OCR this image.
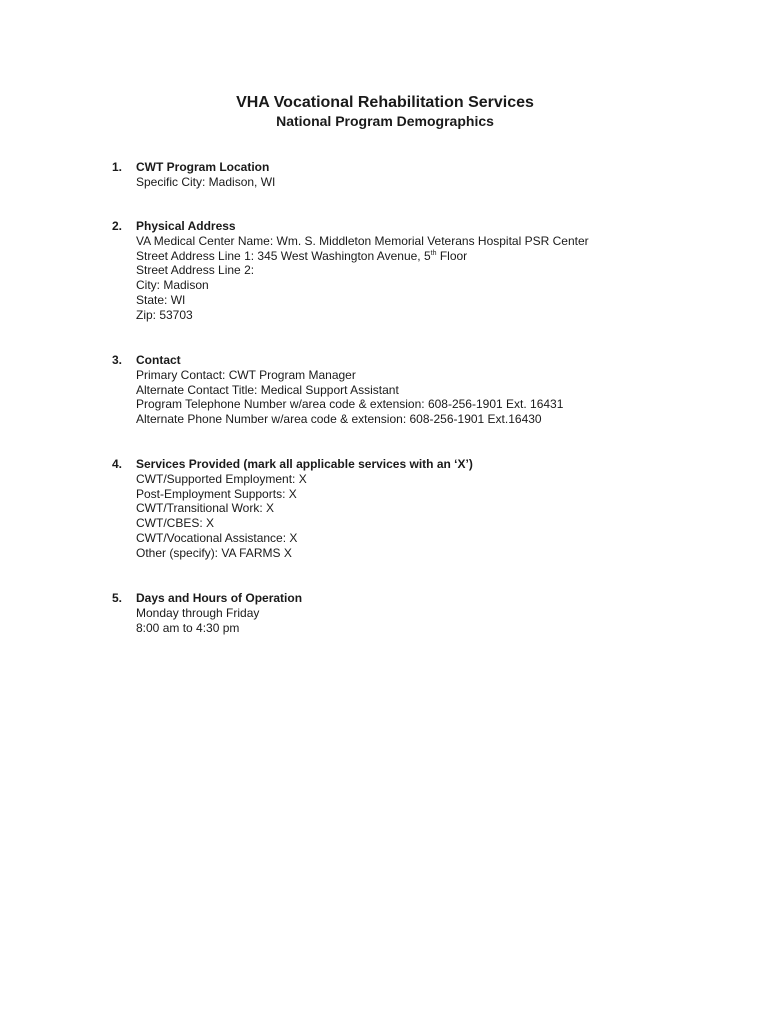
VHA Vocational Rehabilitation Services
National Program Demographics
1.	CWT Program Location
Specific City: Madison, WI
2.	Physical Address
VA Medical Center Name: Wm. S. Middleton Memorial Veterans Hospital PSR Center
Street Address Line 1: 345 West Washington Avenue, 5th Floor
Street Address Line 2:
City: Madison
State: WI
Zip: 53703
3.	Contact
Primary Contact: CWT Program Manager
Alternate Contact Title: Medical Support Assistant
Program Telephone Number w/area code & extension: 608-256-1901 Ext. 16431
Alternate Phone Number w/area code & extension: 608-256-1901 Ext.16430
4.	Services Provided (mark all applicable services with an ‘X’)
CWT/Supported Employment: X
Post-Employment Supports: X
CWT/Transitional Work: X
CWT/CBES: X
CWT/Vocational Assistance: X
Other (specify): VA FARMS X
5.	Days and Hours of Operation
Monday through Friday
8:00 am to 4:30 pm
